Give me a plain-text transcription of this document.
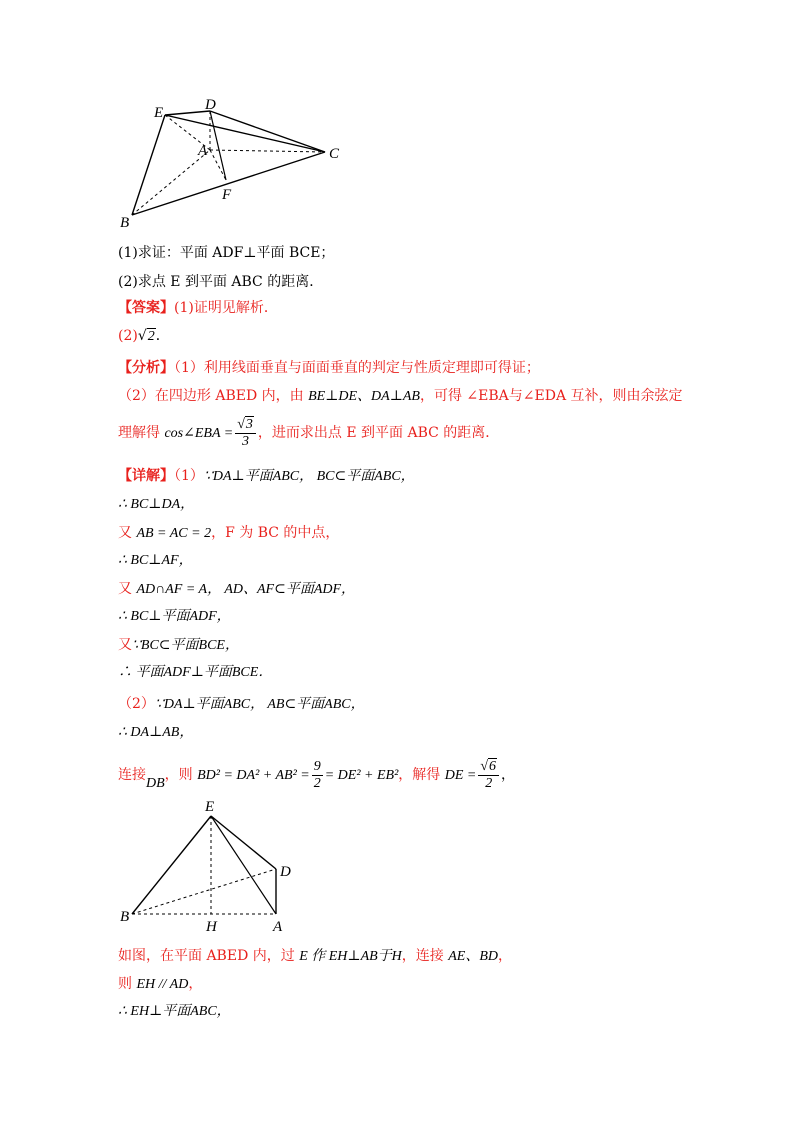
E	D
A	C
F
B
(1)求证：平面 ADF⊥平面 BCE；
(2)求点 E 到平面 ABC 的距离．
【答案】(1)证明见解析．
(2)√2．
【分析】（1）利用线面垂直与面面垂直的判定与性质定理即可得证；
（2）在四边形 ABED 内，由 BE⊥DE、DA⊥AB，可得 ∠EBA与∠EDA 互补，则由余弦定
理解得 cos∠EBA = $\frac{√3}{3}$ ，进而求出点 E 到平面 ABC 的距离．
【详解】（1）∵DA⊥平面ABC， BC⊂平面ABC，
∴ BC⊥DA，
又 AB = AC = 2，F 为 BC 的中点，
∴ BC⊥AF，
又 AD∩AF = A， AD、AF⊂平面ADF，
∴ BC⊥平面ADF，
又∵BC⊂平面BCE，
∴ 平面ADF⊥平面BCE．
（2）∵DA⊥平面ABC， AB⊂平面ABC，
∴ DA⊥AB，
连接DB，则 $BD^2 = DA^2 + AB^2 = \frac{9}{2} = DE^2 + EB^2$，解得 DE = $\frac{√6}{2}$ ，
E
D
B
H	A
如图，在平面 ABED 内，过 E 作 EH⊥AB于H，连接 AE、BD，
则 EH // AD，
∴ EH⊥平面ABC，
